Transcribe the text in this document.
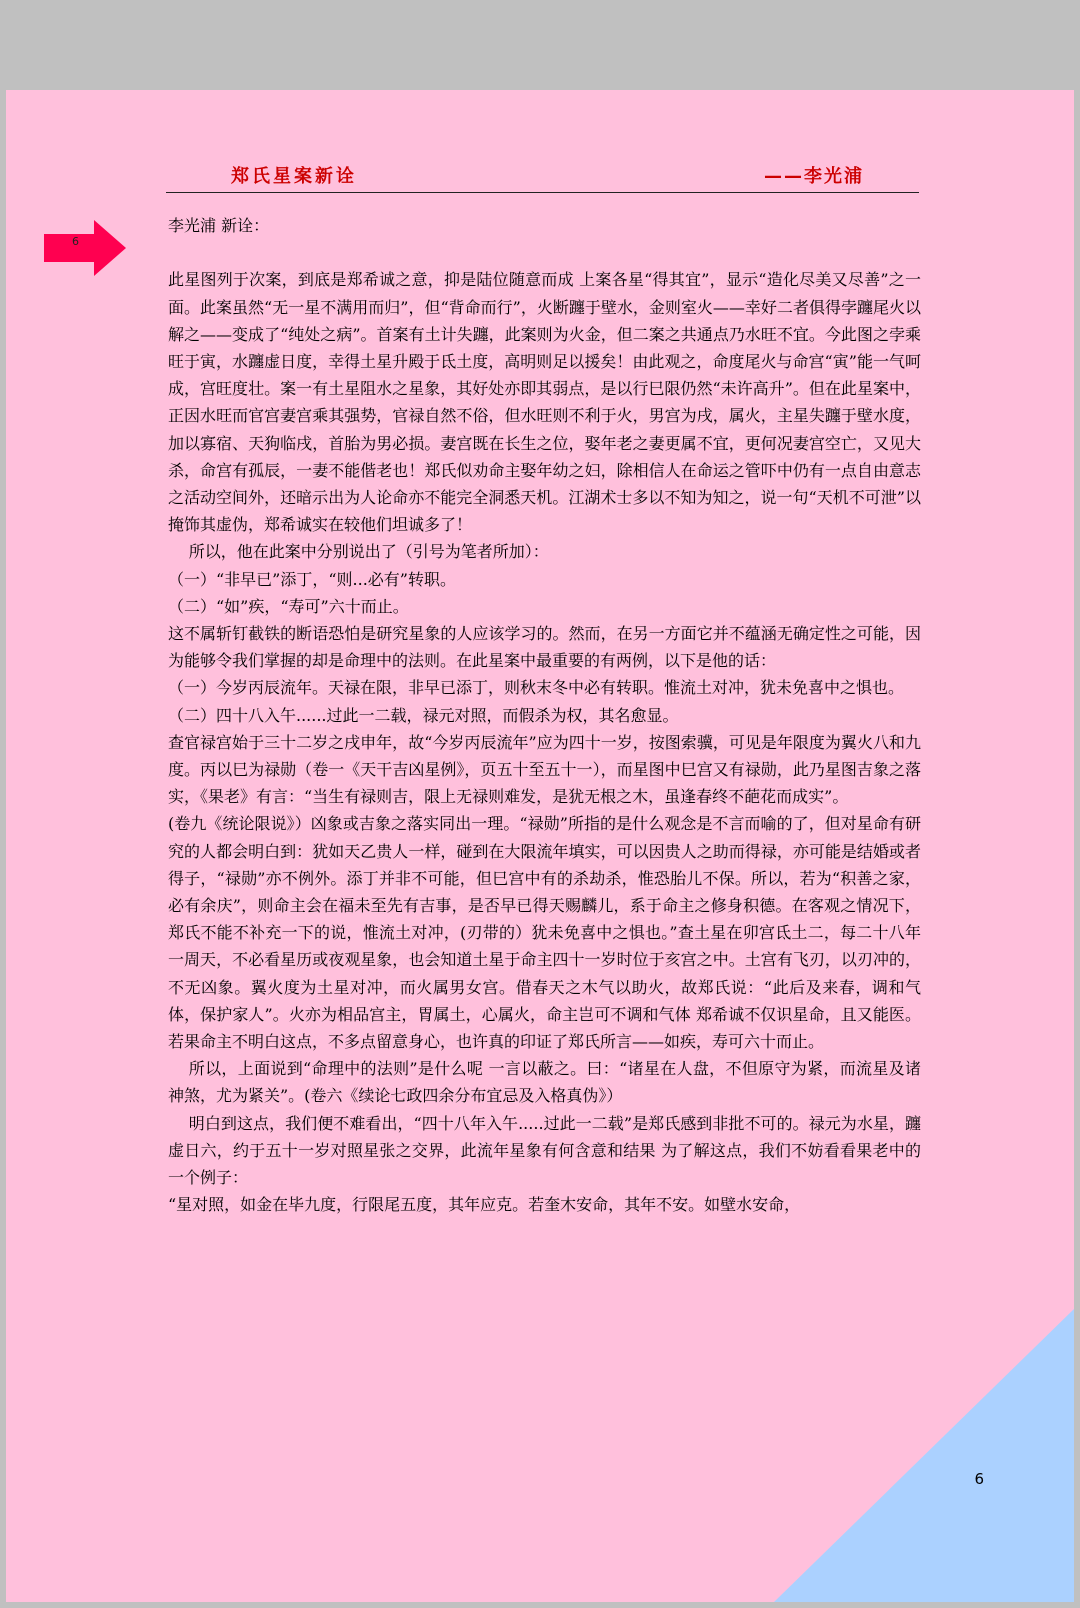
郑氏星案新诠	——李光浦
6

李光浦 新诠：

此星图列于次案，到底是郑希诚之意，抑是陆位随意而成 上案各星“得其宜”，显示“造化尽美又尽善”之一面。此案虽然“无一星不满用而归”，但“背命而行”，火断躔于壁水，金则室火——幸好二者俱得孛躔尾火以解之——变成了“纯处之病”。首案有土计失躔，此案则为火金，但二案之共通点乃水旺不宜。今此图之孛乘旺于寅，水躔虚日度，幸得土星升殿于氐土度，高明则足以援矣！由此观之，命度尾火与命宫“寅”能一气呵成，宫旺度壮。案一有土星阻水之星象，其好处亦即其弱点，是以行巳限仍然“未许高升”。但在此星案中，正因水旺而官宫妻宫乘其强势，官禄自然不俗，但水旺则不利于火，男宫为戌，属火，主星失躔于壁水度，加以寡宿、天狗临戌，首胎为男必损。妻宫既在长生之位，娶年老之妻更属不宜，更何况妻宫空亡，又见大杀，命宫有孤辰，一妻不能偕老也！郑氏似劝命主娶年幼之妇，除相信人在命运之管吓中仍有一点自由意志之活动空间外，还暗示出为人论命亦不能完全洞悉天机。江湖术士多以不知为知之，说一句“天机不可泄”以掩饰其虚伪，郑希诚实在较他们坦诚多了！

所以，他在此案中分别说出了（引号为笔者所加）：

（一）“非早已”添丁，“则...必有”转职。

（二）“如”疾，“寿可”六十而止。

这不属斩钉截铁的断语恐怕是研究星象的人应该学习的。然而，在另一方面它并不蕴涵无确定性之可能，因为能够令我们掌握的却是命理中的法则。在此星案中最重要的有两例，以下是他的话：

（一）今岁丙辰流年。天禄在限，非早已添丁，则秋末冬中必有转职。惟流土对冲，犹未免喜中之惧也。

（二）四十八入午......过此一二载，禄元对照，而假杀为权，其名愈显。

查官禄宫始于三十二岁之戌申年，故“今岁丙辰流年”应为四十一岁，按图索骥，可见是年限度为翼火八和九度。丙以巳为禄勋（卷一《天干吉凶星例》，页五十至五十一），而星图中巳宫又有禄勋，此乃星图吉象之落实，《果老》有言：“当生有禄则吉，限上无禄则难发，是犹无根之木，虽逢春终不葩花而成实”。

(卷九《统论限说》）凶象或吉象之落实同出一理。“禄勋”所指的是什么观念是不言而喻的了，但对星命有研究的人都会明白到：犹如天乙贵人一样，碰到在大限流年填实，可以因贵人之助而得禄，亦可能是结婚或者得子，“禄勋”亦不例外。添丁并非不可能，但巳宫中有的杀劫杀，惟恐胎儿不保。所以，若为“积善之家，必有余庆”，则命主会在福未至先有吉事，是否早已得天赐麟儿，系于命主之修身积德。在客观之情况下，郑氏不能不补充一下的说，惟流土对冲，(刃带的）犹未免喜中之惧也。”查土星在卯宫氐土二，每二十八年一周天，不必看星历或夜观星象，也会知道土星于命主四十一岁时位于亥宫之中。土宫有飞刃，以刃冲的，不无凶象。翼火度为土星对冲，而火属男女宫。借春天之木气以助火，故郑氏说：“此后及来春，调和气体，保护家人”。火亦为相品宫主，胃属土，心属火，命主岂可不调和气体 郑希诚不仅识星命，且又能医。若果命主不明白这点，不多点留意身心，也许真的印证了郑氏所言——如疾，寿可六十而止。

所以，上面说到“命理中的法则”是什么呢 一言以蔽之。曰：“诸星在人盘，不但原守为紧，而流星及诸神煞，尤为紧关”。(卷六《续论七政四余分布宜忌及入格真伪》）

明白到这点，我们便不难看出，“四十八年入午.....过此一二载”是郑氏感到非批不可的。禄元为水星，躔虚日六，约于五十一岁对照星张之交界，此流年星象有何含意和结果 为了解这点，我们不妨看看果老中的一个例子：

“星对照，如金在毕九度，行限尾五度，其年应克。若奎木安命，其年不安。如壁水安命，

6
